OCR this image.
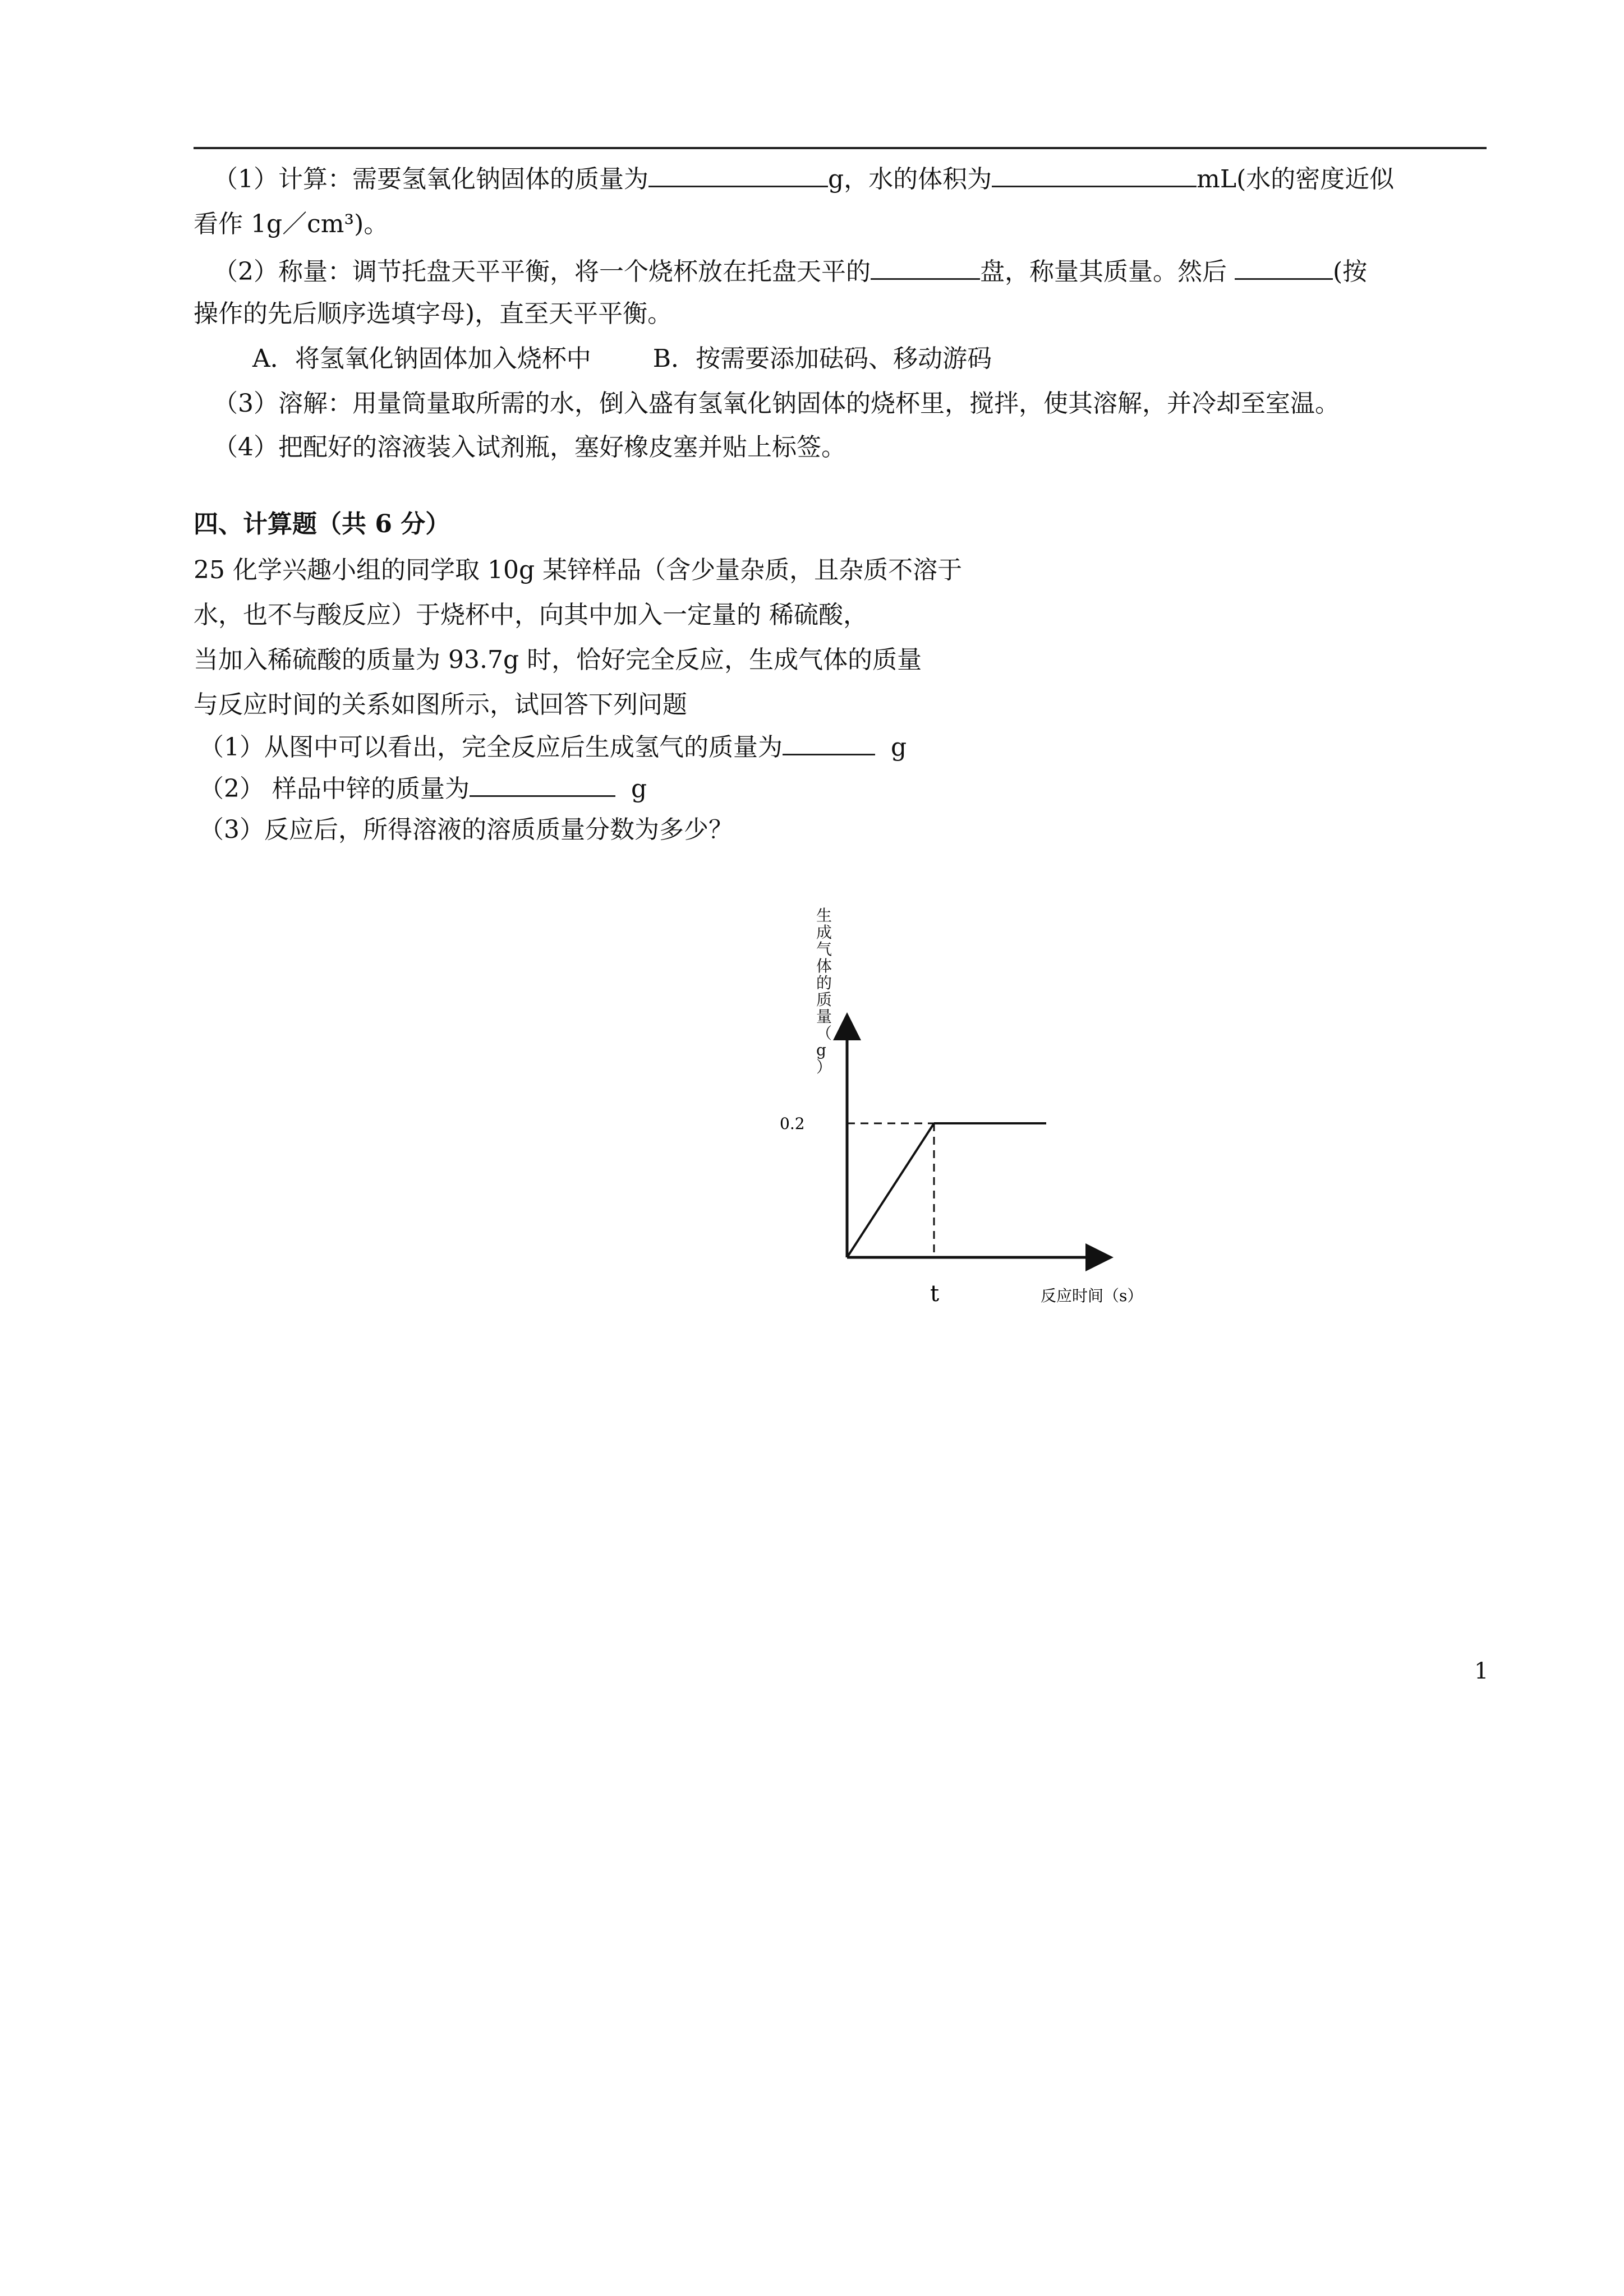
（1）计算：需要氢氧化钠固体的质量为	g，水的体积为	mL(水的密度近似
看作 1g／cm³)。
（2）称量：调节托盘天平平衡，将一个烧杯放在托盘天平的	盘，称量其质量。然后	(按
操作的先后顺序选填字母)，直至天平平衡。
A．将氢氧化钠固体加入烧杯中	B．按需要添加砝码、移动游码
（3）溶解：用量筒量取所需的水，倒入盛有氢氧化钠固体的烧杯里，搅拌，使其溶解，并冷却至室温。
（4）把配好的溶液装入试剂瓶，塞好橡皮塞并贴上标签。
四、计算题（共 6 分）
25 化学兴趣小组的同学取 10g 某锌样品（含少量杂质，且杂质不溶于
水，也不与酸反应）于烧杯中，向其中加入一定量的 稀硫酸，
当加入稀硫酸的质量为 93.7g 时，恰好完全反应，生成气体的质量
与反应时间的关系如图所示，试回答下列问题
（1）从图中可以看出，完全反应后生成氢气的质量为	g
（2） 样品中锌的质量为	g
（3）反应后，所得溶液的溶质质量分数为多少？
0.2
t	反应时间（s）
生
成
气
体
的
质
量
（
g
）
1
